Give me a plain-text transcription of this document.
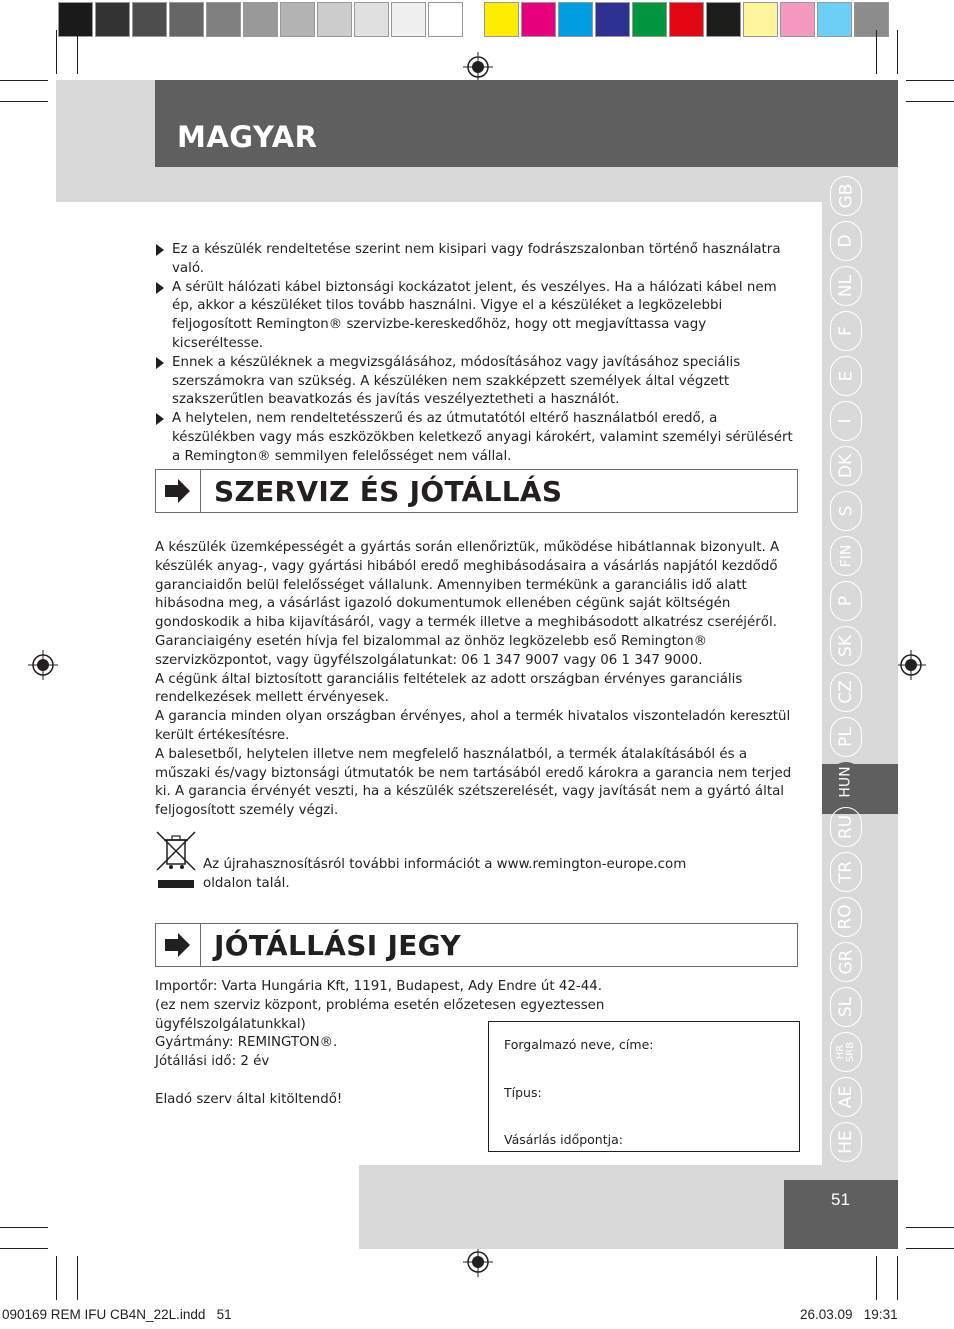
MAGYAR
GB
D
NL
F
E
I
DK
S
FIN
P
SK
CZ
PL
HUN
RU
TR
RO
GR
SL
HR
SRB
AE
HE
51

Ez a készülék rendeltetése szerint nem kisipari vagy fodrászszalonban történő használatra való.

A sérült hálózati kábel biztonsági kockázatot jelent, és veszélyes. Ha a hálózati kábel nem ép, akkor a készüléket tilos tovább használni. Vigye el a készüléket a legközelebbi feljogosított Remington® szervizbe-kereskedőhöz, hogy ott megjavíttassa vagy kicseréltesse.

Ennek a készüléknek a megvizsgálásához, módosításához vagy javításához speciális szerszámokra van szükség. A készüléken nem szakképzett személyek által végzett szakszerűtlen beavatkozás és javítás veszélyeztetheti a használót.

A helytelen, nem rendeltetésszerű és az útmutatótól eltérő használatból eredő, a készülékben vagy más eszközökben keletkező anyagi károkért, valamint személyi sérülésért a Remington® semmilyen felelősséget nem vállal.

SZERVIZ ÉS JÓTÁLLÁS

A készülék üzemképességét a gyártás során ellenőriztük, működése hibátlannak bizonyult. A készülék anyag-, vagy gyártási hibából eredő meghibásodásaira a vásárlás napjától kezdődő garanciaidőn belül felelősséget vállalunk. Amennyiben termékünk a garanciális idő alatt hibásodna meg, a vásárlást igazoló dokumentumok ellenében cégünk saját költségén gondoskodik a hiba kijavításáról, vagy a termék illetve a meghibásodott alkatrész cseréjéről. Garanciaigény esetén hívja fel bizalommal az önhöz legközelebb eső Remington® szervizközpontot, vagy ügyfélszolgálatunkat: 06 1 347 9007 vagy 06 1 347 9000.
A cégünk által biztosított garanciális feltételek az adott országban érvényes garanciális rendelkezések mellett érvényesek.
A garancia minden olyan országban érvényes, ahol a termék hivatalos viszonteladón keresztül került értékesítésre.
A balesetből, helytelen illetve nem megfelelő használatból, a termék átalakításából és a műszaki és/vagy biztonsági útmutatók be nem tartásából eredő károkra a garancia nem terjed ki. A garancia érvényét veszti, ha a készülék szétszerelését, vagy javítását nem a gyártó által feljogosított személy végzi.

Az újrahasznosításról további információt a www.remington-europe.com oldalon talál.
JÓTÁLLÁSI JEGY
Importőr: Varta Hungária Kft, 1191, Budapest, Ady Endre út 42-44.
(ez nem szerviz központ, probléma esetén előzetesen egyeztessen ügyfélszolgálatunkkal)
Gyártmány: REMINGTON®.
Jótállási idő: 2 év

Eladó szerv által kitöltendő!
Forgalmazó neve, címe:
Típus:
Vásárlás időpontja:
090169 REM IFU CB4N_22L.indd   51	26.03.09   19:31
